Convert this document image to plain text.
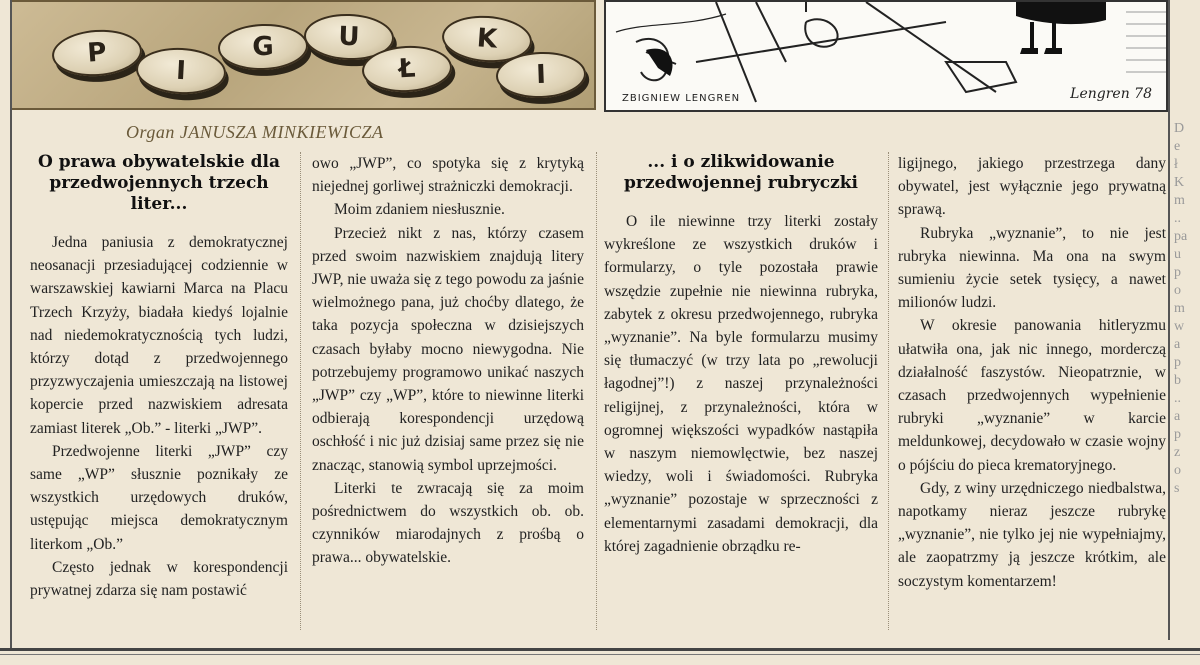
P
I
G	U
Ł
K
I
ZBIGNIEW LENGREN	Lengren 78
Organ JANUSZA MINKIEWICZA
O prawa obywatelskie dla przedwojennych trzech liter...

Jedna paniusia z demokratycznej neosanacji przesiadującej codziennie w warszawskiej kawiarni Marca na Placu Trzech Krzyży, biadała kiedyś lojalnie nad niedemokratycznością tych ludzi, którzy dotąd z przedwojennego przyzwyczajenia umieszczają na listowej kopercie przed nazwiskiem adresata zamiast literek „Ob.” - literki „JWP”.

Przedwojenne literki „JWP” czy same „WP” słusznie poznikały ze wszystkich urzędowych druków, ustępując miejsca demokratycznym literkom „Ob.”

Często jednak w korespondencji prywatnej zdarza się nam postawić

owo „JWP”, co spotyka się z krytyką niejednej gorliwej strażniczki demokracji.

Moim zdaniem niesłusznie.

Przecież nikt z nas, którzy czasem przed swoim nazwiskiem znajdują litery JWP, nie uważa się z tego powodu za jaśnie wielmożnego pana, już choćby dlatego, że taka pozycja społeczna w dzisiejszych czasach byłaby mocno niewygodna. Nie potrzebujemy programowo unikać naszych „JWP” czy „WP”, które to niewinne literki odbierają korespondencji urzędową oschłość i nic już dzisiaj same przez się nie znacząc, stanowią symbol uprzejmości.

Literki te zwracają się za moim pośrednictwem do wszystkich ob. ob. czynników miarodajnych z prośbą o prawa... obywatelskie.

... i o zlikwidowanie przedwojennej rubryczki

O ile niewinne trzy literki zostały wykreślone ze wszystkich druków i formularzy, o tyle pozostała prawie wszędzie zupełnie nie niewinna rubryka, zabytek z okresu przedwojennego, rubryka „wyznanie”. Na byle formularzu musimy się tłumaczyć (w trzy lata po „rewolucji łagodnej”!) z naszej przynależności religijnej, z przynależności, która w ogromnej większości wypadków nastąpiła w naszym niemowlęctwie, bez naszej wiedzy, woli i świadomości. Rubryka „wyznanie” pozostaje w sprzeczności z elementarnymi zasadami demokracji, dla której zagadnienie obrządku re-

ligijnego, jakiego przestrzega dany obywatel, jest wyłącznie jego prywatną sprawą.

Rubryka „wyznanie”, to nie jest rubryka niewinna. Ma ona na swym sumieniu życie setek tysięcy, a nawet milionów ludzi.

W okresie panowania hitleryzmu ułatwiła ona, jak nic innego, morderczą działalność faszystów. Nieopatrznie, w czasach przedwojennych wypełnienie rubryki „wyznanie” w karcie meldunkowej, decydowało w czasie wojny o pójściu do pieca krematoryjnego.

Gdy, z winy urzędniczego niedbalstwa, napotkamy nieraz jeszcze rubrykę „wyznanie”, nie tylko jej nie wypełniajmy, ale zaopatrzmy ją jeszcze krótkim, ale soczystym komentarzem!

D
e
ł
K
m
..
pa
u
p
o
m
w
a
p
b
..
a
p
z
o
s
